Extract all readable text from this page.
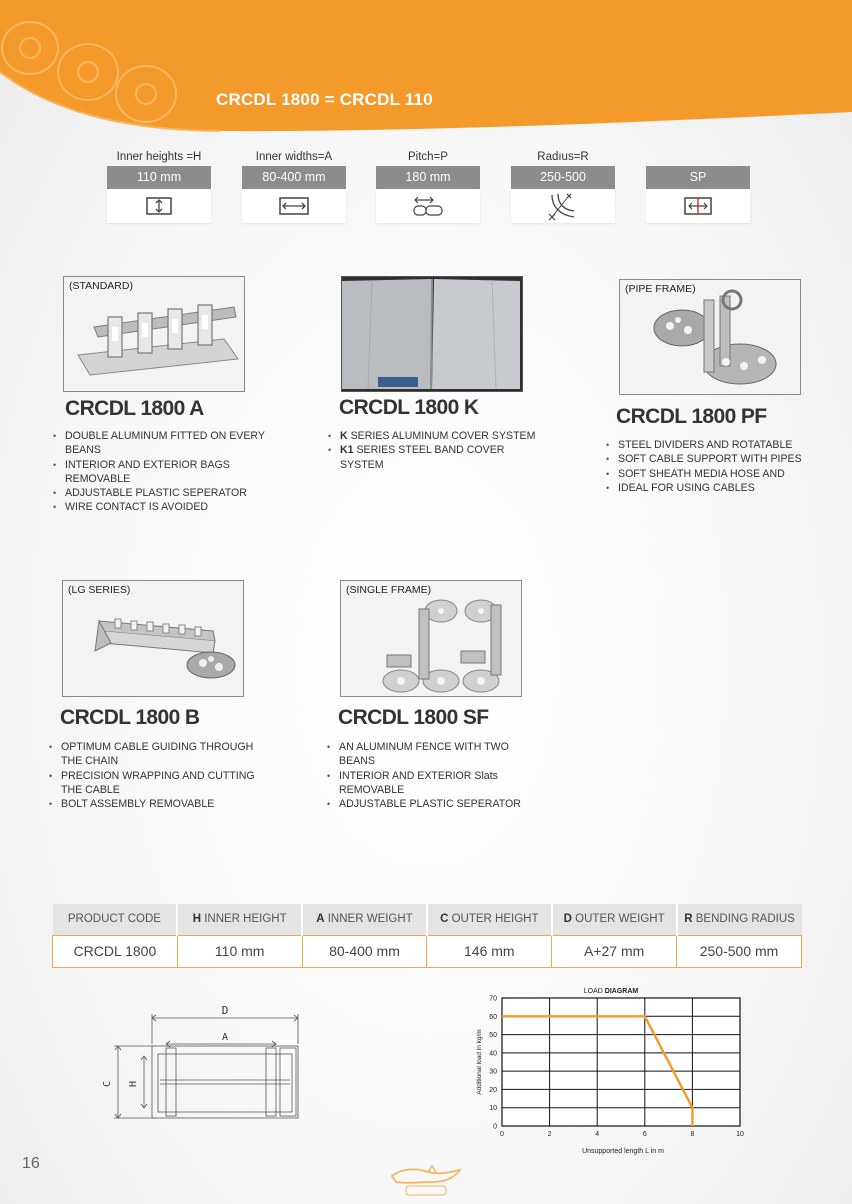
CRCDL 1800 = CRCDL 110
Inner heights =H
110 mm
Inner widths=A
80-400 mm
Pitch=P
180 mm
Radıus=R
250-500	SP
(STANDARD)
CRCDL 1800 A
• DOUBLE ALUMINUM FITTED ON EVERY BEANS
• INTERIOR AND EXTERIOR BAGS REMOVABLE
• ADJUSTABLE PLASTIC SEPERATOR
• WIRE CONTACT IS AVOIDED
CRCDL 1800 K
• K SERIES ALUMINUM COVER SYSTEM
• K1 SERIES STEEL BAND COVER SYSTEM
(PIPE FRAME)
CRCDL 1800 PF
• STEEL DIVIDERS AND ROTATABLE
• SOFT CABLE SUPPORT WITH PIPES
• SOFT SHEATH MEDIA HOSE AND
• IDEAL FOR USING CABLES
(LG SERIES)
CRCDL 1800 B
• OPTIMUM CABLE GUIDING THROUGH THE CHAIN
• PRECISION WRAPPING AND CUTTING THE CABLE
• BOLT ASSEMBLY REMOVABLE
(SINGLE FRAME)
CRCDL 1800 SF
• AN ALUMINUM FENCE WITH TWO BEANS
• INTERIOR AND EXTERIOR Slats REMOVABLE
• ADJUSTABLE PLASTIC SEPERATOR
PRODUCT CODE	H INNER HEIGHT	A INNER WEIGHT	C OUTER HEIGHT	D OUTER WEIGHT	R BENDING RADIUS
CRCDL 1800	110 mm	80-400 mm	146 mm	A+27 mm	250-500 mm
D
A
C H
LOAD DIAGRAM
0	2	4	6	8	10
0
10
20
30
40
50
60
70
Unsupported length L in m
Additional load in kg/m
16
